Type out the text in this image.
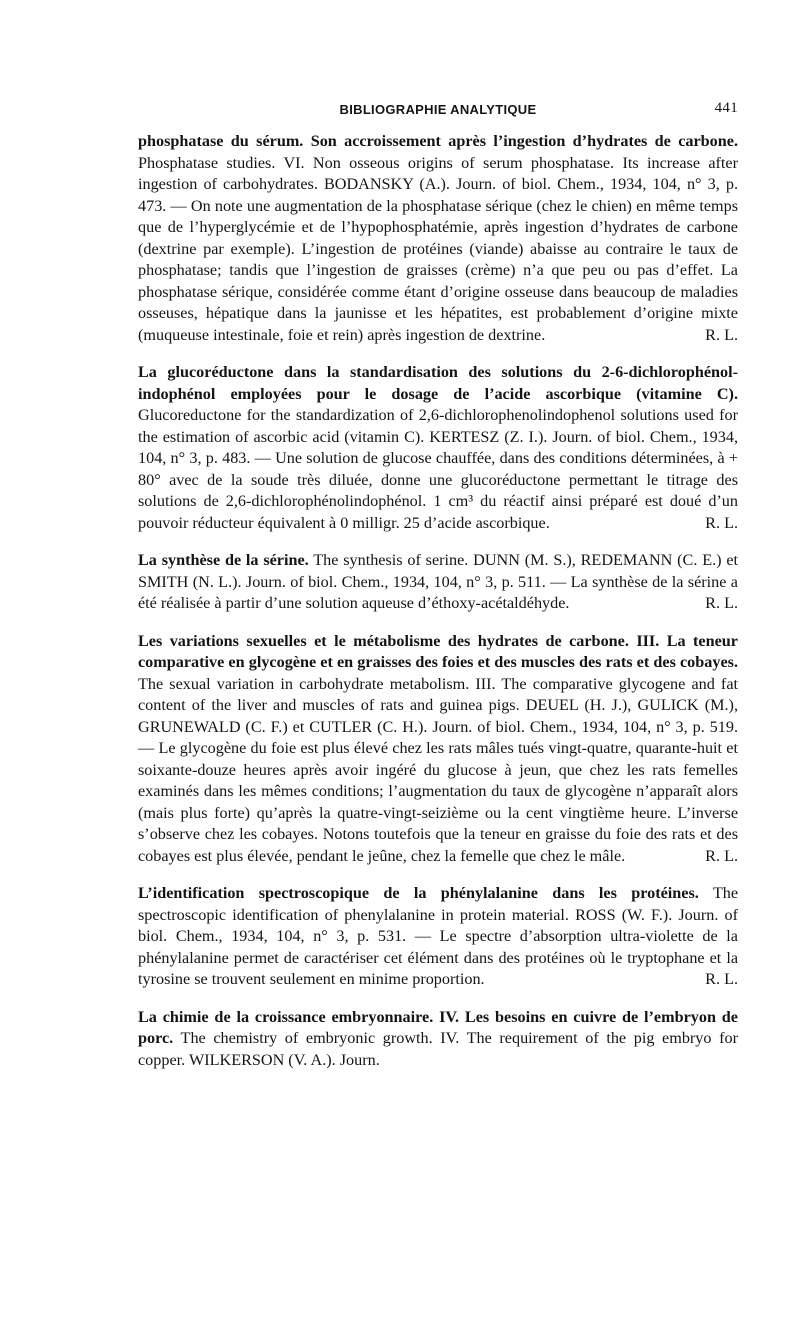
BIBLIOGRAPHIE ANALYTIQUE	441

phosphatase du sérum. Son accroissement après l’ingestion d’hydrates de carbone. Phosphatase studies. VI. Non osseous origins of serum phosphatase. Its increase after ingestion of carbohydrates. BODANSKY (A.). Journ. of biol. Chem., 1934, 104, n° 3, p. 473. — On note une augmentation de la phosphatase sérique (chez le chien) en même temps que de l’hyperglycémie et de l’hypophosphatémie, après ingestion d’hydrates de carbone (dextrine par exemple). L’ingestion de protéines (viande) abaisse au contraire le taux de phosphatase; tandis que l’ingestion de graisses (crème) n’a que peu ou pas d’effet. La phosphatase sérique, considérée comme étant d’origine osseuse dans beaucoup de maladies osseuses, hépatique dans la jaunisse et les hépatites, est probablement d’origine mixte (muqueuse intestinale, foie et rein) après ingestion de dextrine.	R. L.

La glucoréductone dans la standardisation des solutions du 2-6-dichlorophénol-indophénol employées pour le dosage de l’acide ascorbique (vitamine C). Glucoreductone for the standardization of 2,6-dichlorophenolindophenol solutions used for the estimation of ascorbic acid (vitamin C). KERTESZ (Z. I.). Journ. of biol. Chem., 1934, 104, n° 3, p. 483. — Une solution de glucose chauffée, dans des conditions déterminées, à + 80° avec de la soude très diluée, donne une glucoréductone permettant le titrage des solutions de 2,6-dichlorophénolindophénol. 1 cm³ du réactif ainsi préparé est doué d’un pouvoir réducteur équivalent à 0 milligr. 25 d’acide ascorbique.	R. L.

La synthèse de la sérine. The synthesis of serine. DUNN (M. S.), REDEMANN (C. E.) et SMITH (N. L.). Journ. of biol. Chem., 1934, 104, n° 3, p. 511. — La synthèse de la sérine a été réalisée à partir d’une solution aqueuse d’éthoxy-acétaldéhyde.	R. L.

Les variations sexuelles et le métabolisme des hydrates de carbone. III. La teneur comparative en glycogène et en graisses des foies et des muscles des rats et des cobayes. The sexual variation in carbohydrate metabolism. III. The comparative glycogene and fat content of the liver and muscles of rats and guinea pigs. DEUEL (H. J.), GULICK (M.), GRUNEWALD (C. F.) et CUTLER (C. H.). Journ. of biol. Chem., 1934, 104, n° 3, p. 519. — Le glycogène du foie est plus élevé chez les rats mâles tués vingt-quatre, quarante-huit et soixante-douze heures après avoir ingéré du glucose à jeun, que chez les rats femelles examinés dans les mêmes conditions; l’augmentation du taux de glycogène n’apparaît alors (mais plus forte) qu’après la quatre-vingt-seizième ou la cent vingtième heure. L’inverse s’observe chez les cobayes. Notons toutefois que la teneur en graisse du foie des rats et des cobayes est plus élevée, pendant le jeûne, chez la femelle que chez le mâle.	R. L.

L’identification spectroscopique de la phénylalanine dans les protéines. The spectroscopic identification of phenylalanine in protein material. ROSS (W. F.). Journ. of biol. Chem., 1934, 104, n° 3, p. 531. — Le spectre d’absorption ultra-violette de la phénylalanine permet de caractériser cet élément dans des protéines où le tryptophane et la tyrosine se trouvent seulement en minime proportion.	R. L.

La chimie de la croissance embryonnaire. IV. Les besoins en cuivre de l’embryon de porc. The chemistry of embryonic growth. IV. The requirement of the pig embryo for copper. WILKERSON (V. A.). Journ.
